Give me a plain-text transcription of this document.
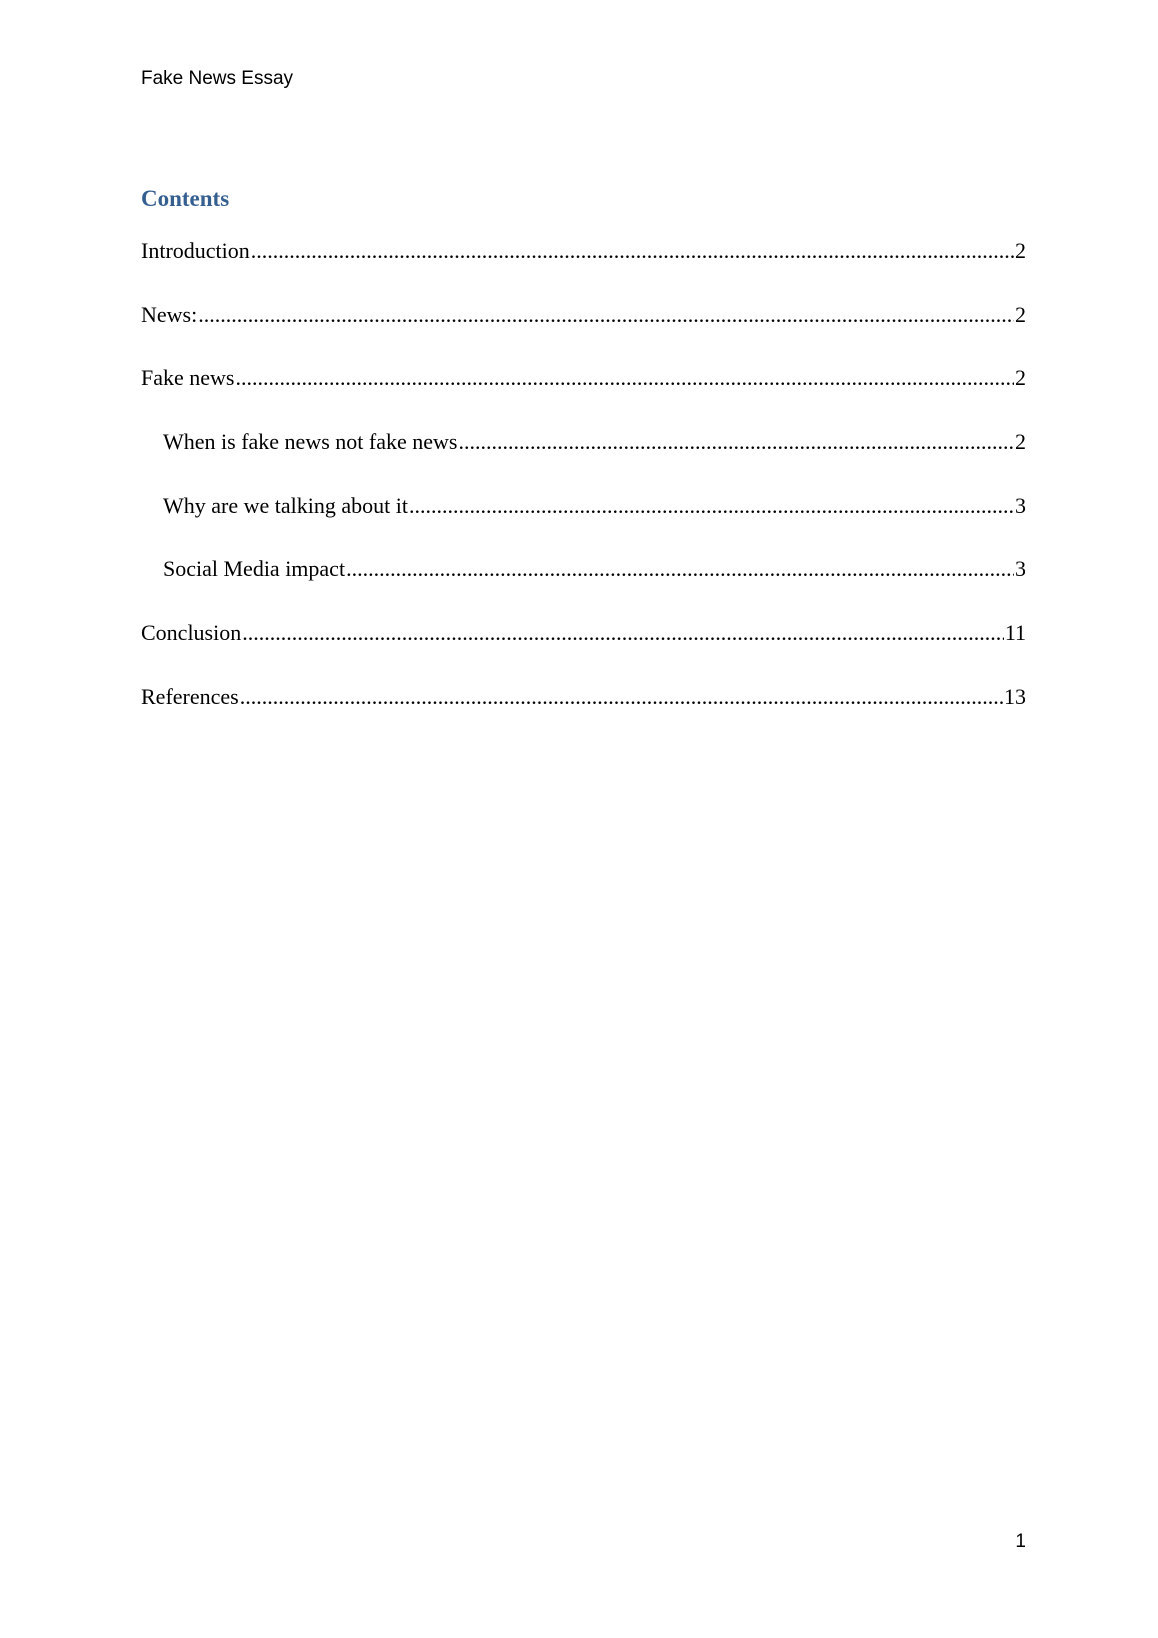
Fake News Essay
Contents
Introduction .....	2
News: .....	2
Fake news .....	2
When is fake news not fake news .....	2
Why are we talking about it .....	3
Social Media impact .....	3
Conclusion .....	11
References .....	13
1
